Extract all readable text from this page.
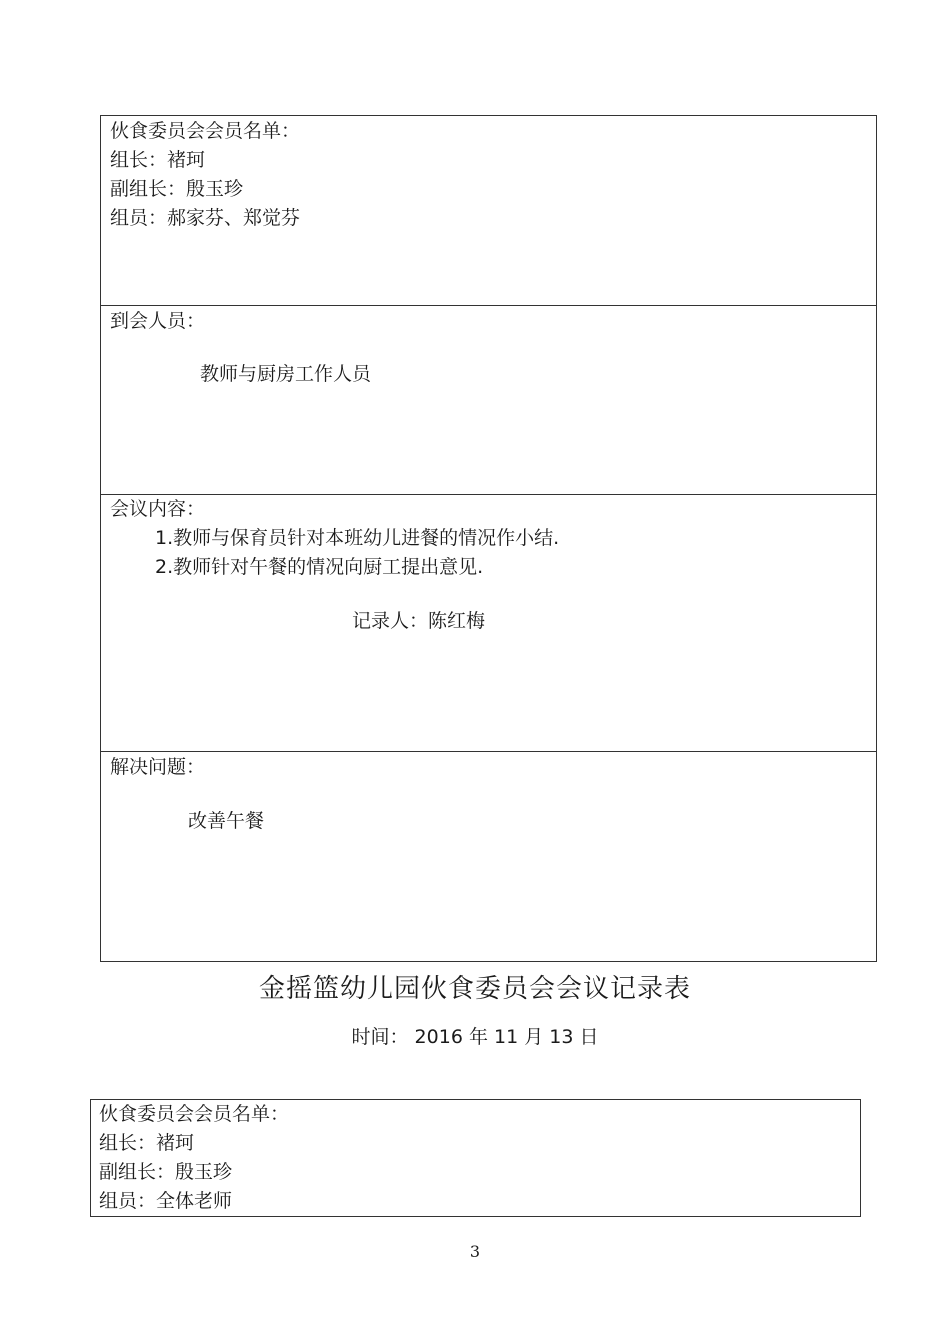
伙食委员会会员名单：
组长：褚珂
副组长：殷玉珍
组员：郝家芬、郑觉芬
到会人员：
教师与厨房工作人员
会议内容：
1.教师与保育员针对本班幼儿进餐的情况作小结.
2.教师针对午餐的情况向厨工提出意见.
记录人：陈红梅
解决问题：
改善午餐
金摇篮幼儿园伙食委员会会议记录表
时间： 2016 年 11 月 13 日
伙食委员会会员名单：
组长：褚珂
副组长：殷玉珍
组员：全体老师
3
